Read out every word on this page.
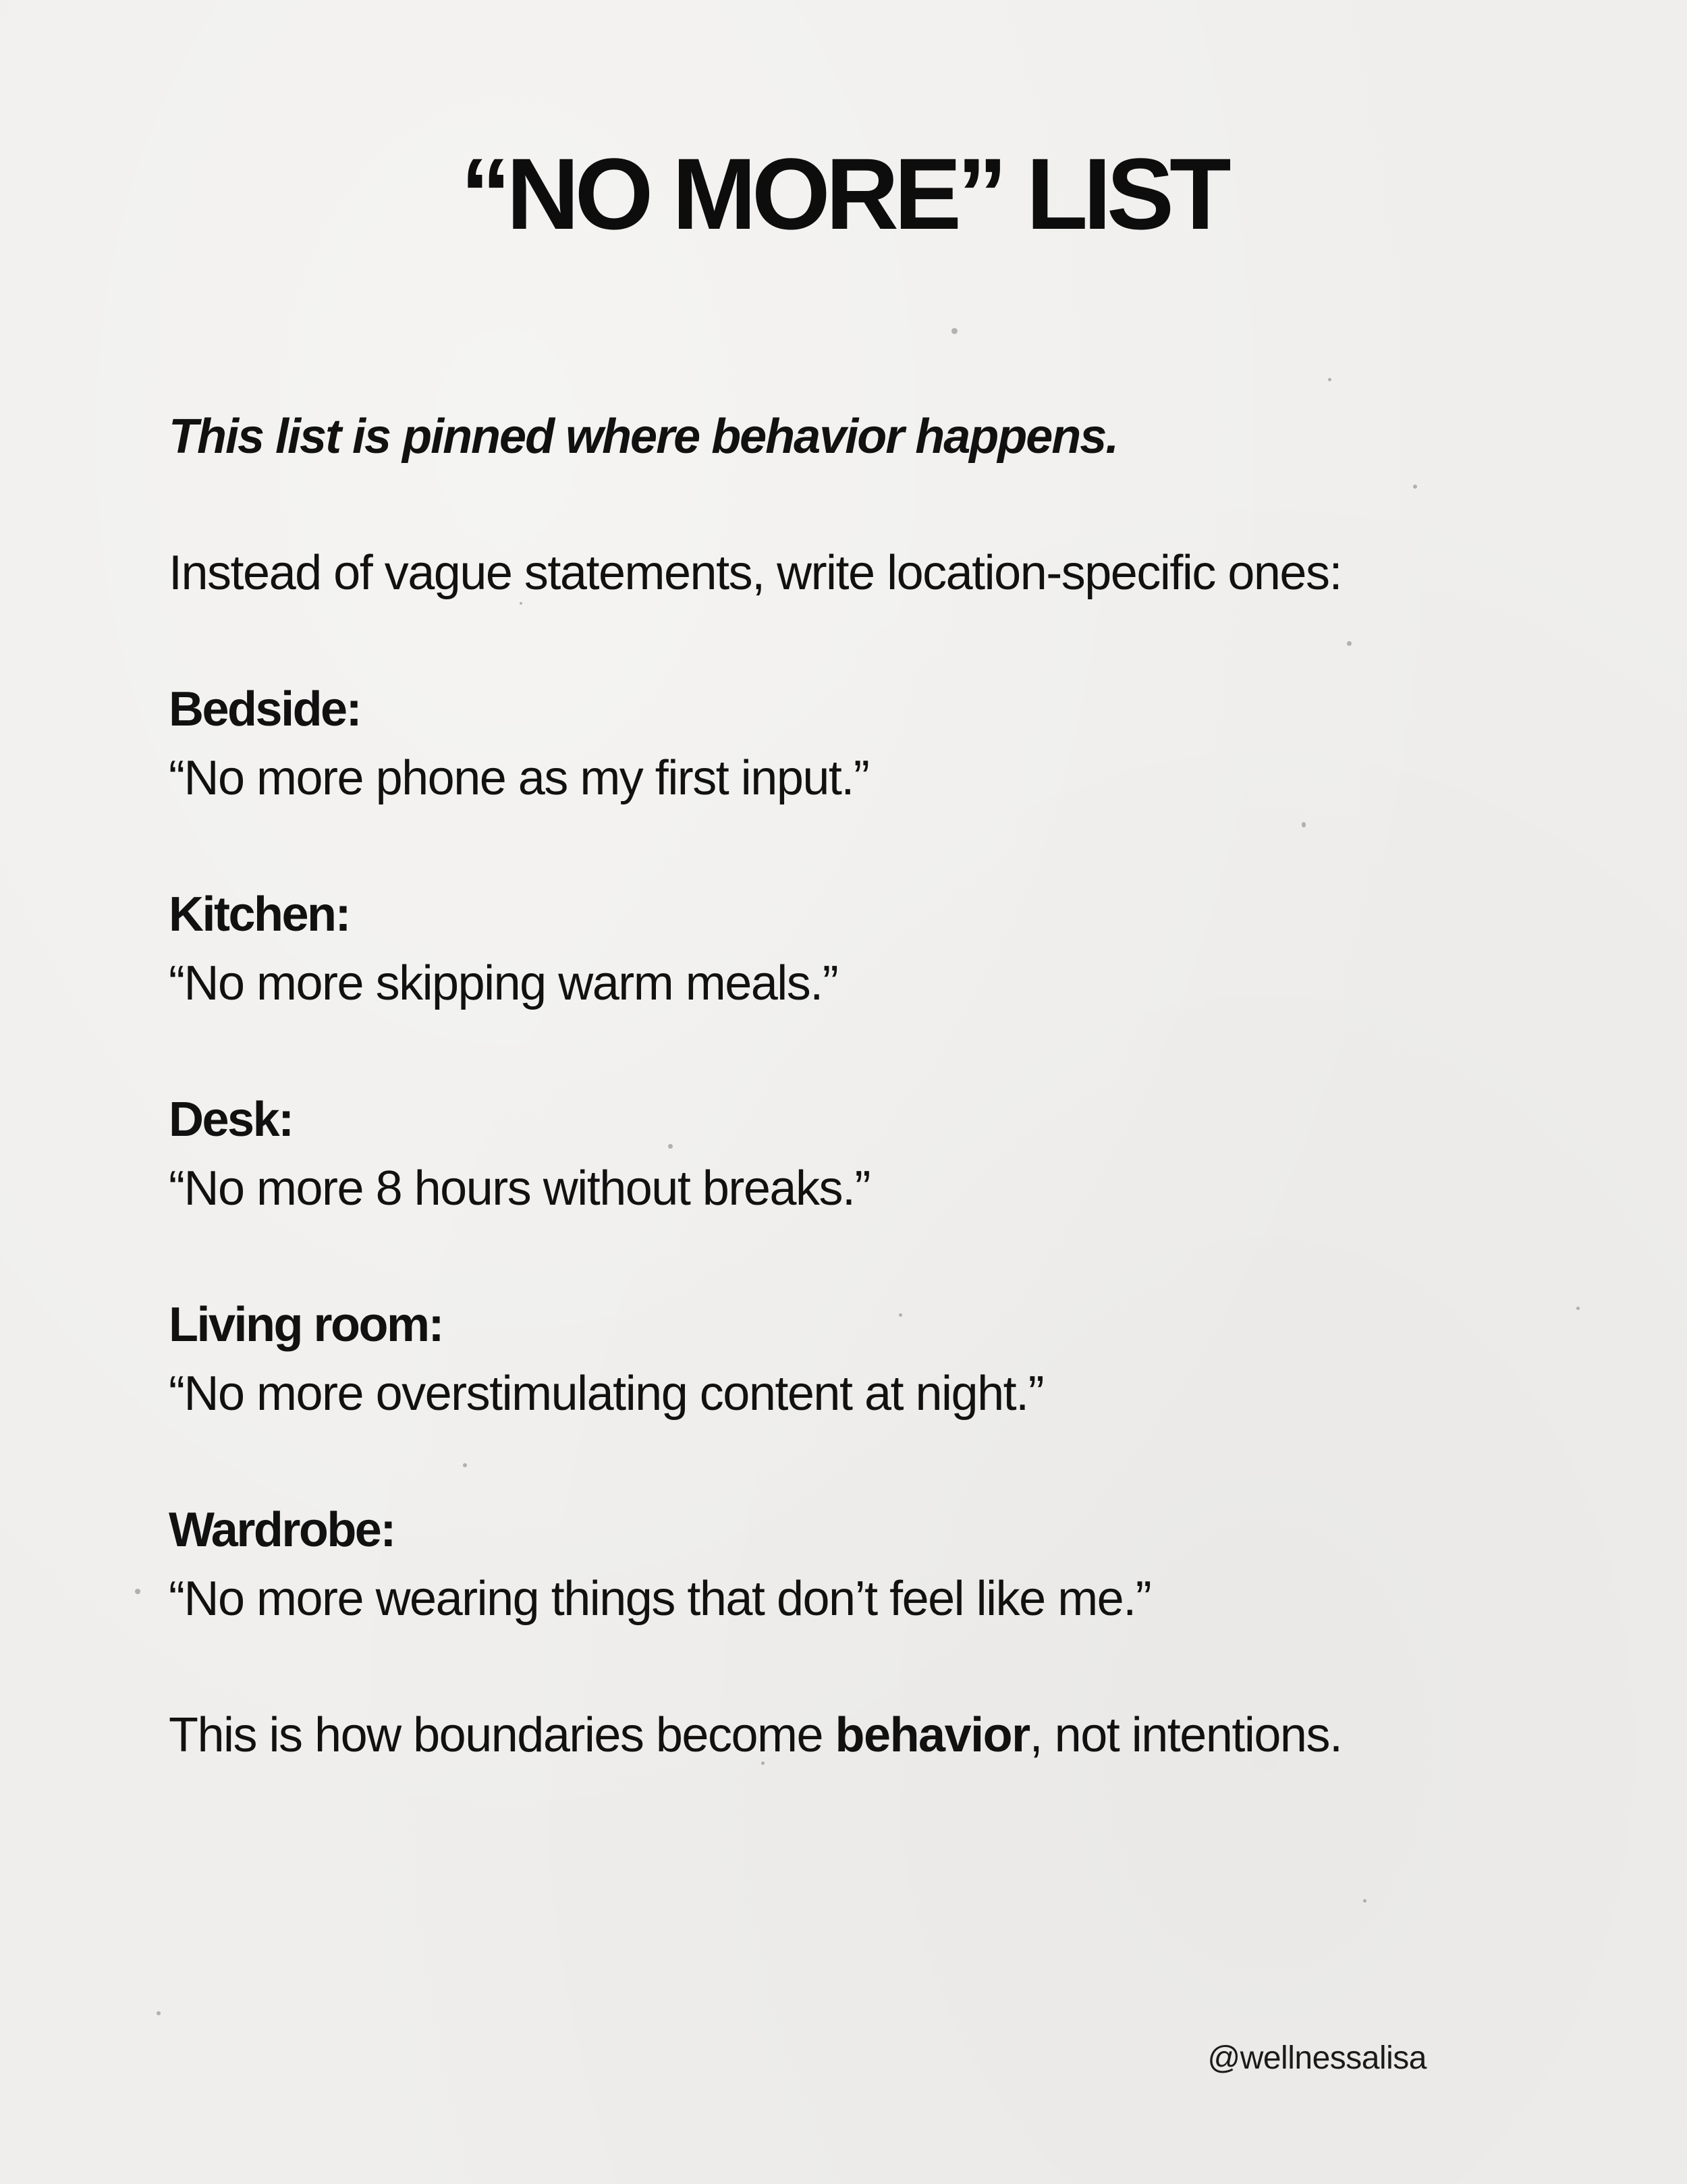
“NO MORE” LIST

This list is pinned where behavior happens.

Instead of vague statements, write location-specific ones:

Bedside:
“No more phone as my first input.”
Kitchen:
“No more skipping warm meals.”
Desk:
“No more 8 hours without breaks.”
Living room:
“No more overstimulating content at night.”
Wardrobe:
“No more wearing things that don’t feel like me.”

This is how boundaries become behavior, not intentions.

@wellnessalisa
